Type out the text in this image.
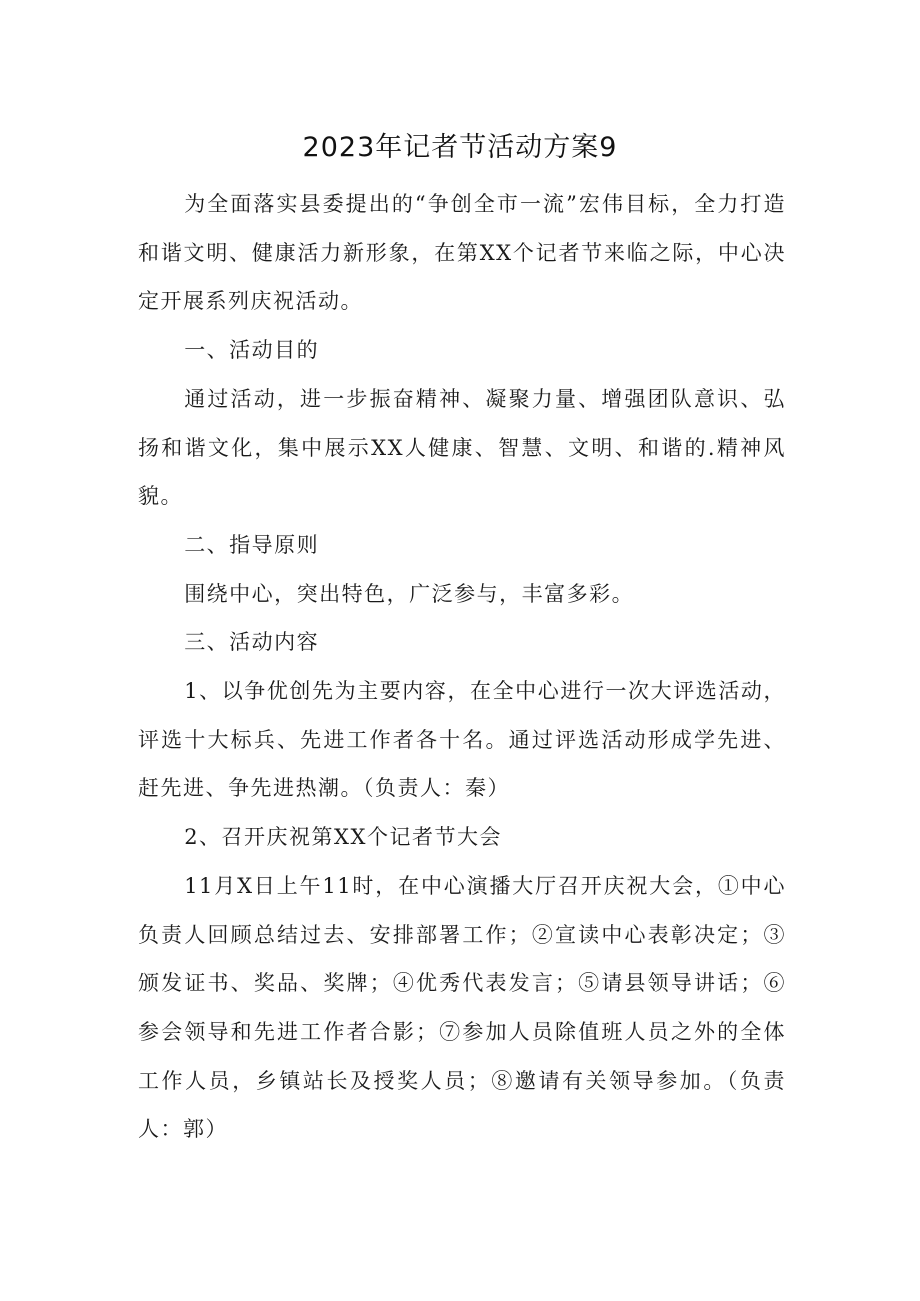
2023年记者节活动方案9

为全面落实县委提出的“争创全市一流”宏伟目标，全力打造和谐文明、健康活力新形象，在第XX个记者节来临之际，中心决定开展系列庆祝活动。

一、活动目的

通过活动，进一步振奋精神、凝聚力量、增强团队意识、弘扬和谐文化，集中展示XX人健康、智慧、文明、和谐的.精神风貌。

二、指导原则

围绕中心，突出特色，广泛参与，丰富多彩。

三、活动内容

1、以争优创先为主要内容，在全中心进行一次大评选活动，评选十大标兵、先进工作者各十名。通过评选活动形成学先进、赶先进、争先进热潮。（负责人：秦）

2、召开庆祝第XX个记者节大会

11月X日上午11时，在中心演播大厅召开庆祝大会，①中心负责人回顾总结过去、安排部署工作；②宣读中心表彰决定；③颁发证书、奖品、奖牌；④优秀代表发言；⑤请县领导讲话；⑥参会领导和先进工作者合影；⑦参加人员除值班人员之外的全体工作人员，乡镇站长及授奖人员；⑧邀请有关领导参加。（负责人：郭）
